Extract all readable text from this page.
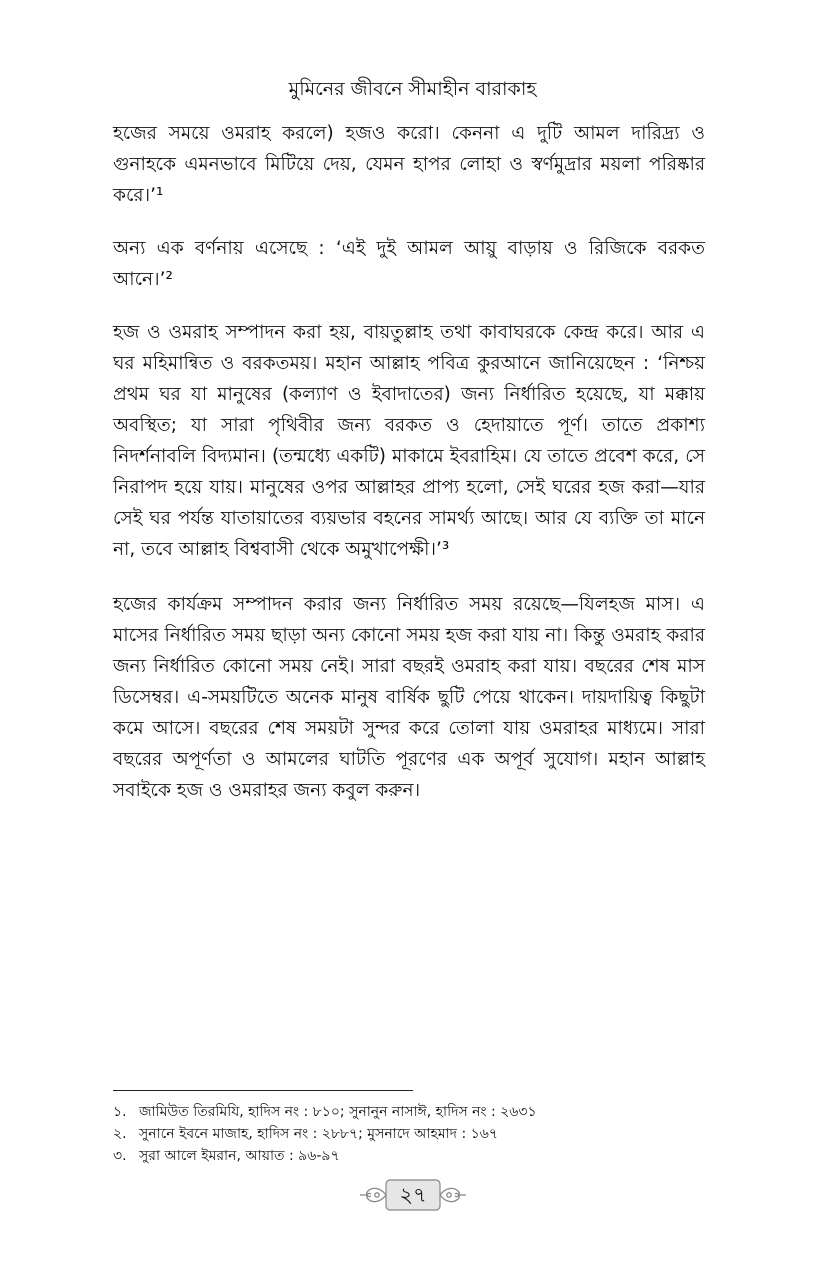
মুমিনের জীবনে সীমাহীন বারাকাহ

হজের সময়ে ওমরাহ করলে) হজও করো। কেননা এ দুটি আমল দারিদ্র্য ও গুনাহকে এমনভাবে মিটিয়ে দেয়, যেমন হাপর লোহা ও স্বর্ণমুদ্রার ময়লা পরিষ্কার করে।’¹

অন্য এক বর্ণনায় এসেছে : ‘এই দুই আমল আয়ু বাড়ায় ও রিজিকে বরকত আনে।’²

হজ ও ওমরাহ সম্পাদন করা হয়, বায়তুল্লাহ তথা কাবাঘরকে কেন্দ্র করে। আর এ ঘর মহিমান্বিত ও বরকতময়। মহান আল্লাহ পবিত্র কুরআনে জানিয়েছেন : ‘নিশ্চয় প্রথম ঘর যা মানুষের (কল্যাণ ও ইবাদাতের) জন্য নির্ধারিত হয়েছে, যা মক্কায় অবস্থিত; যা সারা পৃথিবীর জন্য বরকত ও হেদায়াতে পূর্ণ। তাতে প্রকাশ্য নিদর্শনাবলি বিদ্যমান। (তন্মধ্যে একটি) মাকামে ইবরাহিম। যে তাতে প্রবেশ করে, সে নিরাপদ হয়ে যায়। মানুষের ওপর আল্লাহর প্রাপ্য হলো, সেই ঘরের হজ করা—যার সেই ঘর পর্যন্ত যাতায়াতের ব্যয়ভার বহনের সামর্থ্য আছে। আর যে ব্যক্তি তা মানে না, তবে আল্লাহ বিশ্ববাসী থেকে অমুখাপেক্ষী।’³

হজের কার্যক্রম সম্পাদন করার জন্য নির্ধারিত সময় রয়েছে—যিলহজ মাস। এ মাসের নির্ধারিত সময় ছাড়া অন্য কোনো সময় হজ করা যায় না। কিন্তু ওমরাহ করার জন্য নির্ধারিত কোনো সময় নেই। সারা বছরই ওমরাহ করা যায়। বছরের শেষ মাস ডিসেম্বর। এ-সময়টিতে অনেক মানুষ বার্ষিক ছুটি পেয়ে থাকেন। দায়দায়িত্ব কিছুটা কমে আসে। বছরের শেষ সময়টা সুন্দর করে তোলা যায় ওমরাহর মাধ্যমে। সারা বছরের অপূর্ণতা ও আমলের ঘাটতি পূরণের এক অপূর্ব সুযোগ। মহান আল্লাহ সবাইকে হজ ও ওমরাহর জন্য কবুল করুন।

১. জামিউত তিরমিযি, হাদিস নং : ৮১০; সুনানুন নাসাঈ, হাদিস নং : ২৬৩১
২. সুনানে ইবনে মাজাহ, হাদিস নং : ২৮৮৭; মুসনাদে আহমাদ : ১৬৭
৩. সুরা আলে ইমরান, আয়াত : ৯৬-৯৭
২৭
